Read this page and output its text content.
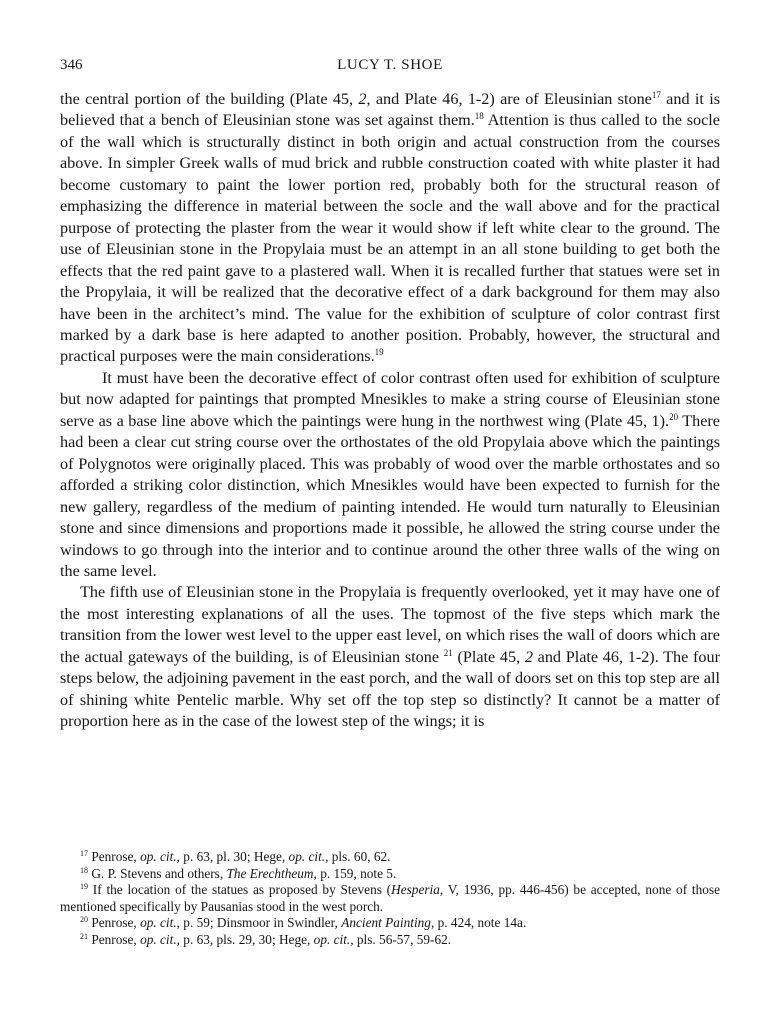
346	LUCY T. SHOE

the central portion of the building (Plate 45, 2, and Plate 46, 1-2) are of Eleusinian stone$^{17}$ and it is believed that a bench of Eleusinian stone was set against them.$^{18}$ Attention is thus called to the socle of the wall which is structurally distinct in both origin and actual construction from the courses above. In simpler Greek walls of mud brick and rubble construction coated with white plaster it had become customary to paint the lower portion red, probably both for the structural reason of emphasizing the difference in material between the socle and the wall above and for the practical purpose of protecting the plaster from the wear it would show if left white clear to the ground. The use of Eleusinian stone in the Propylaia must be an attempt in an all stone building to get both the effects that the red paint gave to a plastered wall. When it is recalled further that statues were set in the Propylaia, it will be realized that the decorative effect of a dark background for them may also have been in the architect’s mind. The value for the exhibition of sculpture of color contrast first marked by a dark base is here adapted to another position. Probably, however, the structural and practical purposes were the main considerations.$^{19}$

It must have been the decorative effect of color contrast often used for exhibition of sculpture but now adapted for paintings that prompted Mnesikles to make a string course of Eleusinian stone serve as a base line above which the paintings were hung in the northwest wing (Plate 45, 1).$^{20}$ There had been a clear cut string course over the orthostates of the old Propylaia above which the paintings of Polygnotos were originally placed. This was probably of wood over the marble orthostates and so afforded a striking color distinction, which Mnesikles would have been expected to furnish for the new gallery, regardless of the medium of painting intended. He would turn naturally to Eleusinian stone and since dimensions and proportions made it possible, he allowed the string course under the windows to go through into the interior and to continue around the other three walls of the wing on the same level.

The fifth use of Eleusinian stone in the Propylaia is frequently overlooked, yet it may have one of the most interesting explanations of all the uses. The topmost of the five steps which mark the transition from the lower west level to the upper east level, on which rises the wall of doors which are the actual gateways of the building, is of Eleusinian stone $^{21}$ (Plate 45, 2 and Plate 46, 1-2). The four steps below, the adjoining pavement in the east porch, and the wall of doors set on this top step are all of shining white Pentelic marble. Why set off the top step so distinctly? It cannot be a matter of proportion here as in the case of the lowest step of the wings; it is

$^{17}$ Penrose, op. cit., p. 63, pl. 30; Hege, op. cit., pls. 60, 62.

$^{18}$ G. P. Stevens and others, The Erechtheum, p. 159, note 5.

$^{19}$ If the location of the statues as proposed by Stevens (Hesperia, V, 1936, pp. 446-456) be accepted, none of those mentioned specifically by Pausanias stood in the west porch.

$^{20}$ Penrose, op. cit., p. 59; Dinsmoor in Swindler, Ancient Painting, p. 424, note 14a.

$^{21}$ Penrose, op. cit., p. 63, pls. 29, 30; Hege, op. cit., pls. 56-57, 59-62.
